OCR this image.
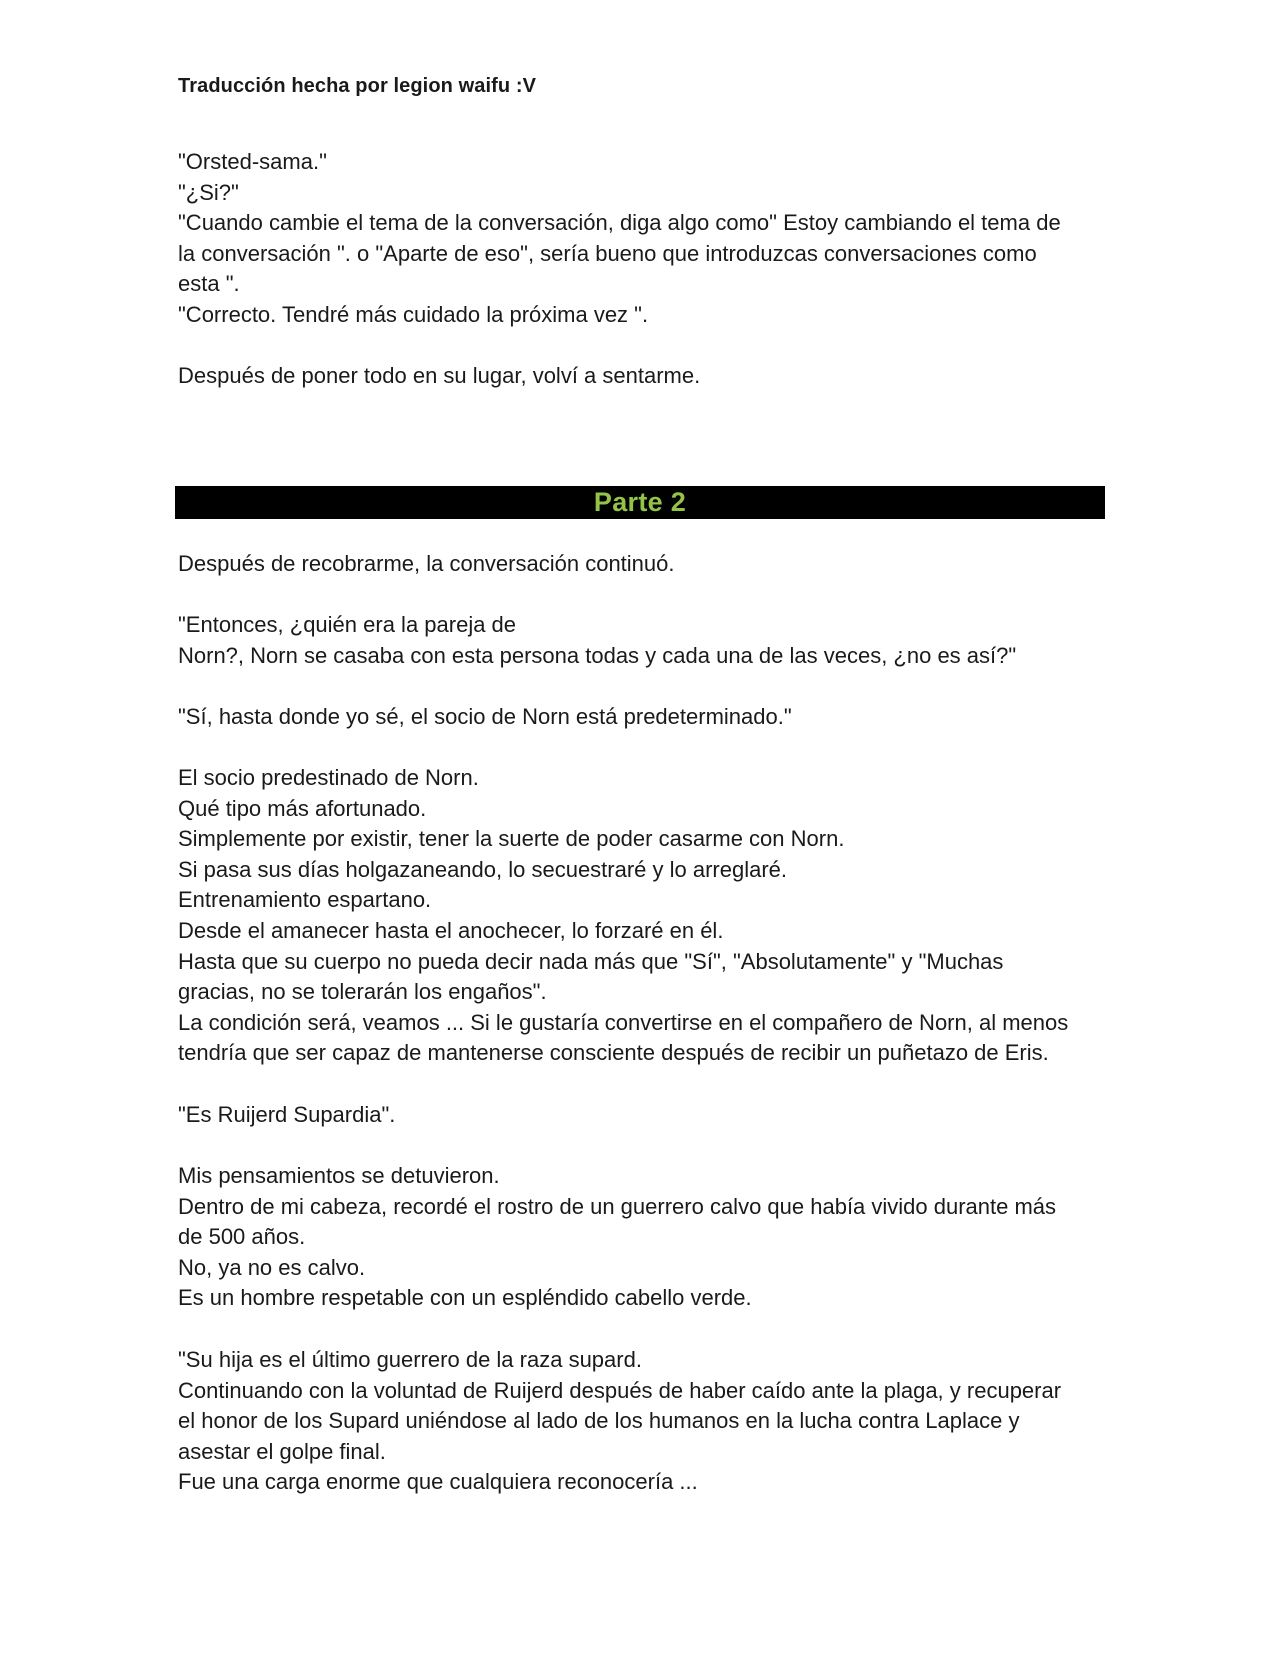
Traducción hecha por legion waifu :V
"Orsted-sama."
"¿Si?"
"Cuando cambie el tema de la conversación, diga algo como" Estoy cambiando el tema de
la conversación ". o "Aparte de eso", sería bueno que introduzcas conversaciones como
esta ".
"Correcto. Tendré más cuidado la próxima vez ".
Después de poner todo en su lugar, volví a sentarme.
Parte 2
Después de recobrarme, la conversación continuó.
"Entonces, ¿quién era la pareja de
Norn?, Norn se casaba con esta persona todas y cada una de las veces, ¿no es así?"
"Sí, hasta donde yo sé, el socio de Norn está predeterminado."
El socio predestinado de Norn.
Qué tipo más afortunado.
Simplemente por existir, tener la suerte de poder casarme con Norn.
Si pasa sus días holgazaneando, lo secuestraré y lo arreglaré.
Entrenamiento espartano.
Desde el amanecer hasta el anochecer, lo forzaré en él.
Hasta que su cuerpo no pueda decir nada más que "Sí", "Absolutamente" y "Muchas
gracias, no se tolerarán los engaños".
La condición será, veamos ... Si le gustaría convertirse en el compañero de Norn, al menos
tendría que ser capaz de mantenerse consciente después de recibir un puñetazo de Eris.
"Es Ruijerd Supardia".
Mis pensamientos se detuvieron.
Dentro de mi cabeza, recordé el rostro de un guerrero calvo que había vivido durante más
de 500 años.
No, ya no es calvo.
Es un hombre respetable con un espléndido cabello verde.
"Su hija es el último guerrero de la raza supard.
Continuando con la voluntad de Ruijerd después de haber caído ante la plaga, y recuperar
el honor de los Supard uniéndose al lado de los humanos en la lucha contra Laplace y
asestar el golpe final.
Fue una carga enorme que cualquiera reconocería ...
